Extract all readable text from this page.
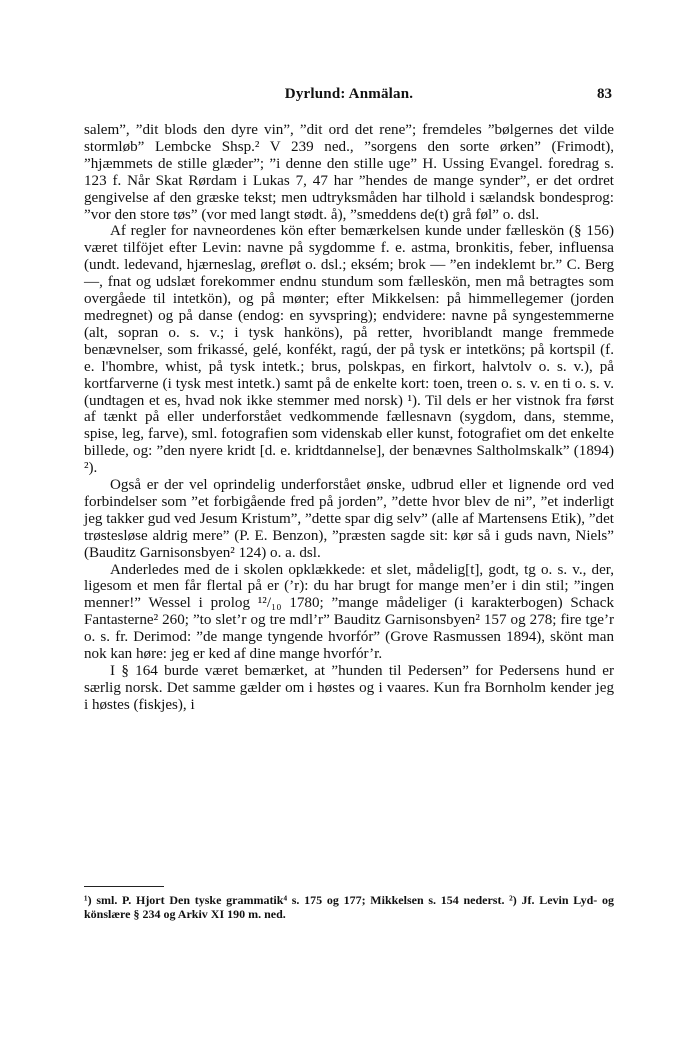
Dyrlund: Anmälan.	83

salem”, ”dit blods den dyre vin”, ”dit ord det rene”; fremdeles ”bølgernes det vilde stormløb” Lembcke Shsp.² V 239 ned., ”sorgens den sorte ørken” (Frimodt), ”hjæmmets de stille glæder”; ”i denne den stille uge” H. Ussing Evangel. foredrag s. 123 f. Når Skat Rørdam i Lukas 7, 47 har ”hendes de mange synder”, er det ordret gengivelse af den græske tekst; men udtryksmåden har tilhold i sælandsk bondesprog: ”vor den store tøs” (vor med langt stødt. å), ”smeddens de(t) grå føl” o. dsl.

Af regler for navneordenes kön efter bemærkelsen kunde under fælleskön (§ 156) været tilföjet efter Levin: navne på sygdomme f. e. astma, bronkitis, feber, influensa (undt. ledevand, hjærneslag, ørefløt o. dsl.; eksém; brok — ”en indeklemt br.” C. Berg —, fnat og udslæt forekommer endnu stundum som fælleskön, men må betragtes som overgåede til intetkön), og på mønter; efter Mikkelsen: på himmellegemer (jorden medregnet) og på danse (endog: en syvspring); endvidere: navne på syngestemmerne (alt, sopran o. s. v.; i tysk hanköns), på retter, hvoriblandt mange fremmede benævnelser, som frikassé, gelé, konfékt, ragú, der på tysk er intetköns; på kortspil (f. e. l'hombre, whist, på tysk intetk.; brus, polskpas, en firkort, halvtolv o. s. v.), på kortfarverne (i tysk mest intetk.) samt på de enkelte kort: toen, treen o. s. v. en ti o. s. v. (undtagen et es, hvad nok ikke stemmer med norsk) ¹). Til dels er her vistnok fra først af tænkt på eller underforstået vedkommende fællesnavn (sygdom, dans, stemme, spise, leg, farve), sml. fotografien som videnskab eller kunst, fotografiet om det enkelte billede, og: ”den nyere kridt [d. e. kridtdannelse], der benævnes Saltholmskalk” (1894) ²).

Også er der vel oprindelig underforstået ønske, udbrud eller et lignende ord ved forbindelser som ”et forbigående fred på jorden”, ”dette hvor blev de ni”, ”et inderligt jeg takker gud ved Jesum Kristum”, ”dette spar dig selv” (alle af Martensens Etik), ”det trøstesløse aldrig mere” (P. E. Benzon), ”præsten sagde sit: kør så i guds navn, Niels” (Bauditz Garnisonsbyen² 124) o. a. dsl.

Anderledes med de i skolen opklækkede: et slet, mådelig[t], godt, tg o. s. v., der, ligesom et men får flertal på er (’r): du har brugt for mange men’er i din stil; ”ingen menner!” Wessel i prolog ¹²/₁₀ 1780; ”mange mådeliger (i karakterbogen) Schack Fantasterne² 260; ”to slet’r og tre mdl’r” Bauditz Garnisonsbyen² 157 og 278; fire tge’r o. s. fr. Derimod: ”de mange tyngende hvorfór” (Grove Rasmussen 1894), skönt man nok kan høre: jeg er ked af dine mange hvorfór’r.

I § 164 burde været bemærket, at ”hunden til Pedersen” for Pedersens hund er særlig norsk. Det samme gælder om i høstes og i vaares. Kun fra Bornholm kender jeg i høstes (fiskjes), i

¹) sml. P. Hjort Den tyske grammatik⁴ s. 175 og 177; Mikkelsen s. 154 nederst. ²) Jf. Levin Lyd- og könslære § 234 og Arkiv XI 190 m. ned.
